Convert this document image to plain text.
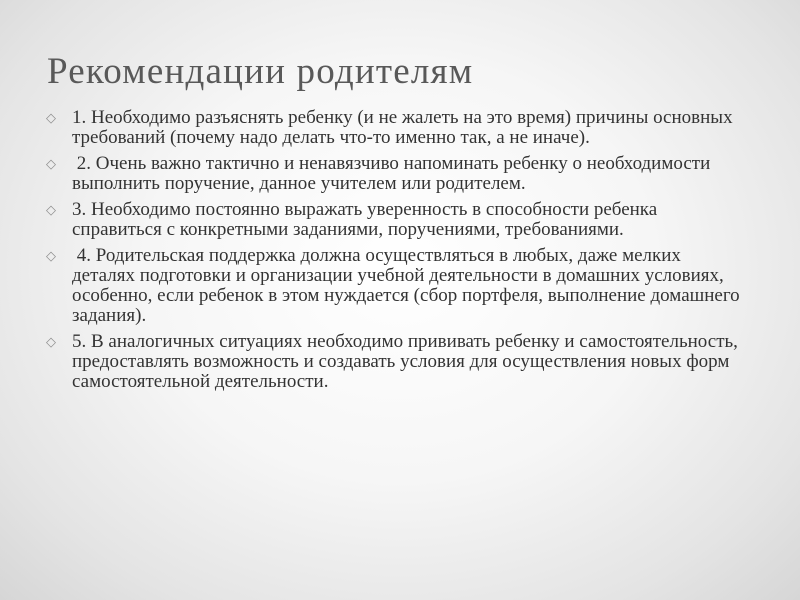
Рекомендации родителям
◇ 1. Необходимо разъяснять ребенку (и не жалеть на это время) причины основных требований (почему надо делать что-то именно так, а не иначе).
◇ 2. Очень важно тактично и ненавязчиво напоминать ребенку о необходимости выполнить поручение, данное учителем или родителем.
◇ 3. Необходимо постоянно выражать уверенность в способности ребенка справиться с конкретными заданиями, поручениями, требованиями.
◇ 4. Родительская поддержка должна осуществляться в любых, даже мелких деталях подготовки и организации учебной деятельности в домашних условиях, особенно, если ребенок в этом нуждается (сбор портфеля, выполнение домашнего задания).
◇ 5. В аналогичных ситуациях необходимо прививать ребенку и самостоятельность, предоставлять возможность и создавать условия для осуществления новых форм самостоятельной деятельности.
